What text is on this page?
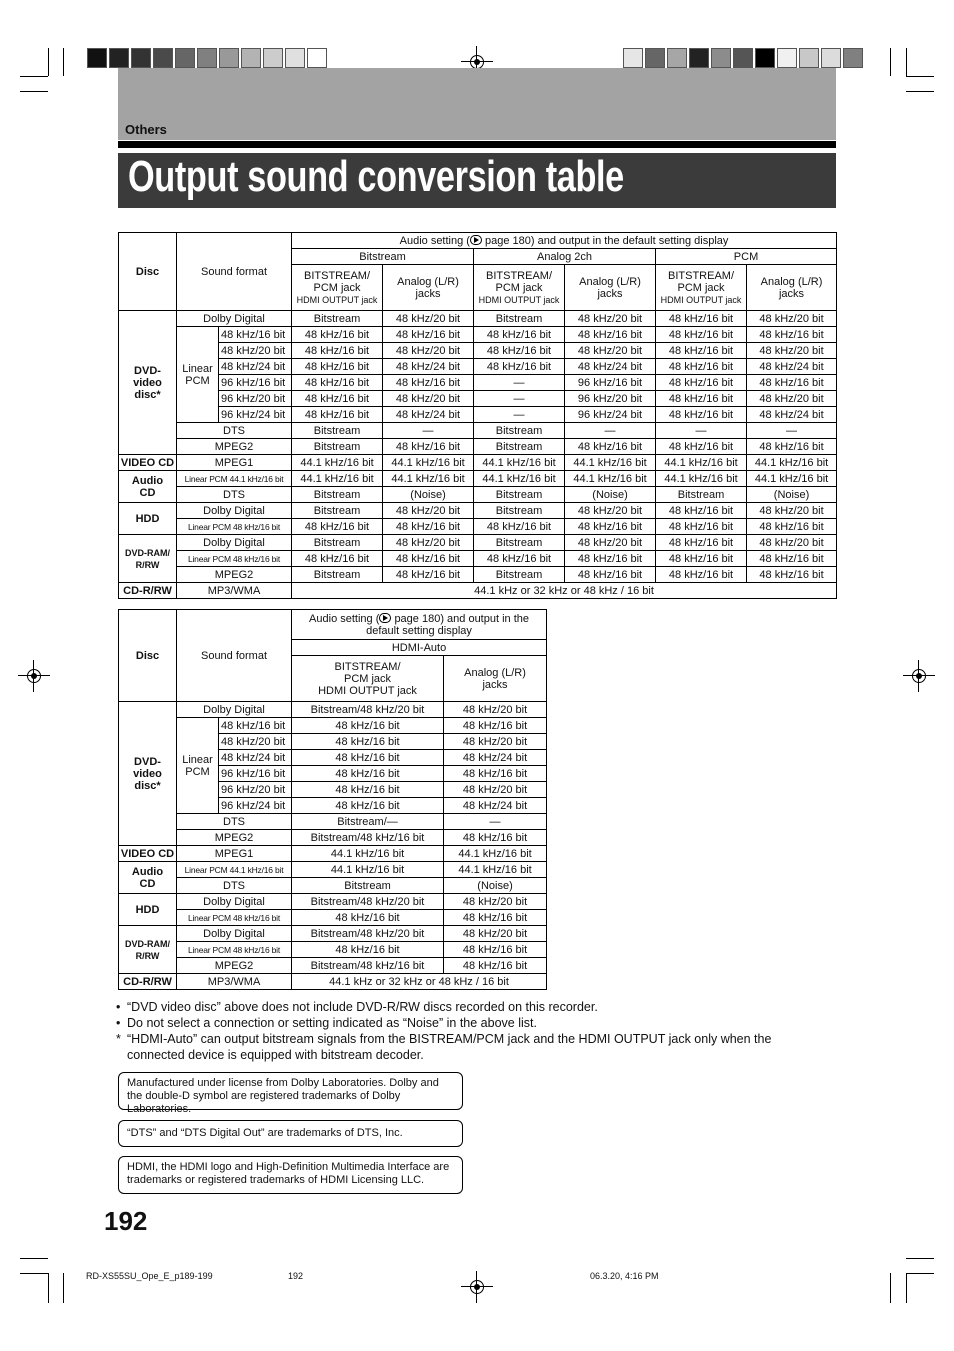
Others
Output sound conversion table
Disc	Sound format		Audio setting ( page 180) and output in the default setting display					
			Bitstream		Analog 2ch		PCM	
			BITSTREAM/
PCM jack
HDMI OUTPUT jack	Analog (L/R)
jacks	BITSTREAM/
PCM jack
HDMI OUTPUT jack	Analog (L/R)
jacks	BITSTREAM/
PCM jack
HDMI OUTPUT jack	Analog (L/R)
jacks
DVD-
video
disc*	Dolby Digital		Bitstream	48 kHz/20 bit	Bitstream	48 kHz/20 bit	48 kHz/16 bit	48 kHz/20 bit
	Linear
PCM	48 kHz/16 bit	48 kHz/16 bit	48 kHz/16 bit	48 kHz/16 bit	48 kHz/16 bit	48 kHz/16 bit	48 kHz/16 bit
		48 kHz/20 bit	48 kHz/16 bit	48 kHz/20 bit	48 kHz/16 bit	48 kHz/20 bit	48 kHz/16 bit	48 kHz/20 bit
		48 kHz/24 bit	48 kHz/16 bit	48 kHz/24 bit	48 kHz/16 bit	48 kHz/24 bit	48 kHz/16 bit	48 kHz/24 bit
		96 kHz/16 bit	48 kHz/16 bit	48 kHz/16 bit	—	96 kHz/16 bit	48 kHz/16 bit	48 kHz/16 bit
		96 kHz/20 bit	48 kHz/16 bit	48 kHz/20 bit	—	96 kHz/20 bit	48 kHz/16 bit	48 kHz/20 bit
		96 kHz/24 bit	48 kHz/16 bit	48 kHz/24 bit	—	96 kHz/24 bit	48 kHz/16 bit	48 kHz/24 bit
	DTS		Bitstream	—	Bitstream	—	—	—
	MPEG2		Bitstream	48 kHz/16 bit	Bitstream	48 kHz/16 bit	48 kHz/16 bit	48 kHz/16 bit
VIDEO CD	MPEG1		44.1 kHz/16 bit	44.1 kHz/16 bit	44.1 kHz/16 bit	44.1 kHz/16 bit	44.1 kHz/16 bit	44.1 kHz/16 bit
Audio
CD	Linear PCM 44.1 kHz/16 bit		44.1 kHz/16 bit	44.1 kHz/16 bit	44.1 kHz/16 bit	44.1 kHz/16 bit	44.1 kHz/16 bit	44.1 kHz/16 bit
	DTS		Bitstream	(Noise)	Bitstream	(Noise)	Bitstream	(Noise)
HDD	Dolby Digital		Bitstream	48 kHz/20 bit	Bitstream	48 kHz/20 bit	48 kHz/16 bit	48 kHz/20 bit
	Linear PCM 48 kHz/16 bit		48 kHz/16 bit	48 kHz/16 bit	48 kHz/16 bit	48 kHz/16 bit	48 kHz/16 bit	48 kHz/16 bit
DVD-RAM/
R/RW	Dolby Digital		Bitstream	48 kHz/20 bit	Bitstream	48 kHz/20 bit	48 kHz/16 bit	48 kHz/20 bit
	Linear PCM 48 kHz/16 bit		48 kHz/16 bit	48 kHz/16 bit	48 kHz/16 bit	48 kHz/16 bit	48 kHz/16 bit	48 kHz/16 bit
	MPEG2		Bitstream	48 kHz/16 bit	Bitstream	48 kHz/16 bit	48 kHz/16 bit	48 kHz/16 bit
CD-R/RW	MP3/WMA		44.1 kHz or 32 kHz or 48 kHz / 16 bit					
Disc	Sound format		Audio setting ( page 180) and output in the default setting display	
			HDMI-Auto	
			BITSTREAM/
PCM jack
HDMI OUTPUT jack	Analog (L/R)
jacks
DVD-
video
disc*	Dolby Digital		Bitstream/48 kHz/20 bit	48 kHz/20 bit
	Linear
PCM	48 kHz/16 bit	48 kHz/16 bit	48 kHz/16 bit
		48 kHz/20 bit	48 kHz/16 bit	48 kHz/20 bit
		48 kHz/24 bit	48 kHz/16 bit	48 kHz/24 bit
		96 kHz/16 bit	48 kHz/16 bit	48 kHz/16 bit
		96 kHz/20 bit	48 kHz/16 bit	48 kHz/20 bit
		96 kHz/24 bit	48 kHz/16 bit	48 kHz/24 bit
	DTS		Bitstream/—	—
	MPEG2		Bitstream/48 kHz/16 bit	48 kHz/16 bit
VIDEO CD	MPEG1		44.1 kHz/16 bit	44.1 kHz/16 bit
Audio
CD	Linear PCM 44.1 kHz/16 bit		44.1 kHz/16 bit	44.1 kHz/16 bit
	DTS		Bitstream	(Noise)
HDD	Dolby Digital		Bitstream/48 kHz/20 bit	48 kHz/20 bit
	Linear PCM 48 kHz/16 bit		48 kHz/16 bit	48 kHz/16 bit
DVD-RAM/
R/RW	Dolby Digital		Bitstream/48 kHz/20 bit	48 kHz/20 bit
	Linear PCM 48 kHz/16 bit		48 kHz/16 bit	48 kHz/16 bit
	MPEG2		Bitstream/48 kHz/16 bit	48 kHz/16 bit
CD-R/RW	MP3/WMA		44.1 kHz or 32 kHz or 48 kHz / 16 bit	
• “DVD video disc” above does not include DVD-R/RW discs recorded on this recorder.
• Do not select a connection or setting indicated as “Noise” in the above list.
* “HDMI-Auto” can output bitstream signals from the BISTREAM/PCM jack and the HDMI OUTPUT jack only when the connected device is equipped with bitstream decoder.
Manufactured under license from Dolby Laboratories. Dolby and the double-D symbol are registered trademarks of Dolby Laboratories.
“DTS” and “DTS Digital Out” are trademarks of DTS, Inc.
HDMI, the HDMI logo and High-Definition Multimedia Interface are trademarks or registered trademarks of HDMI Licensing LLC.
192
RD-XS55SU_Ope_E_p189-199	192	06.3.20, 4:16 PM
